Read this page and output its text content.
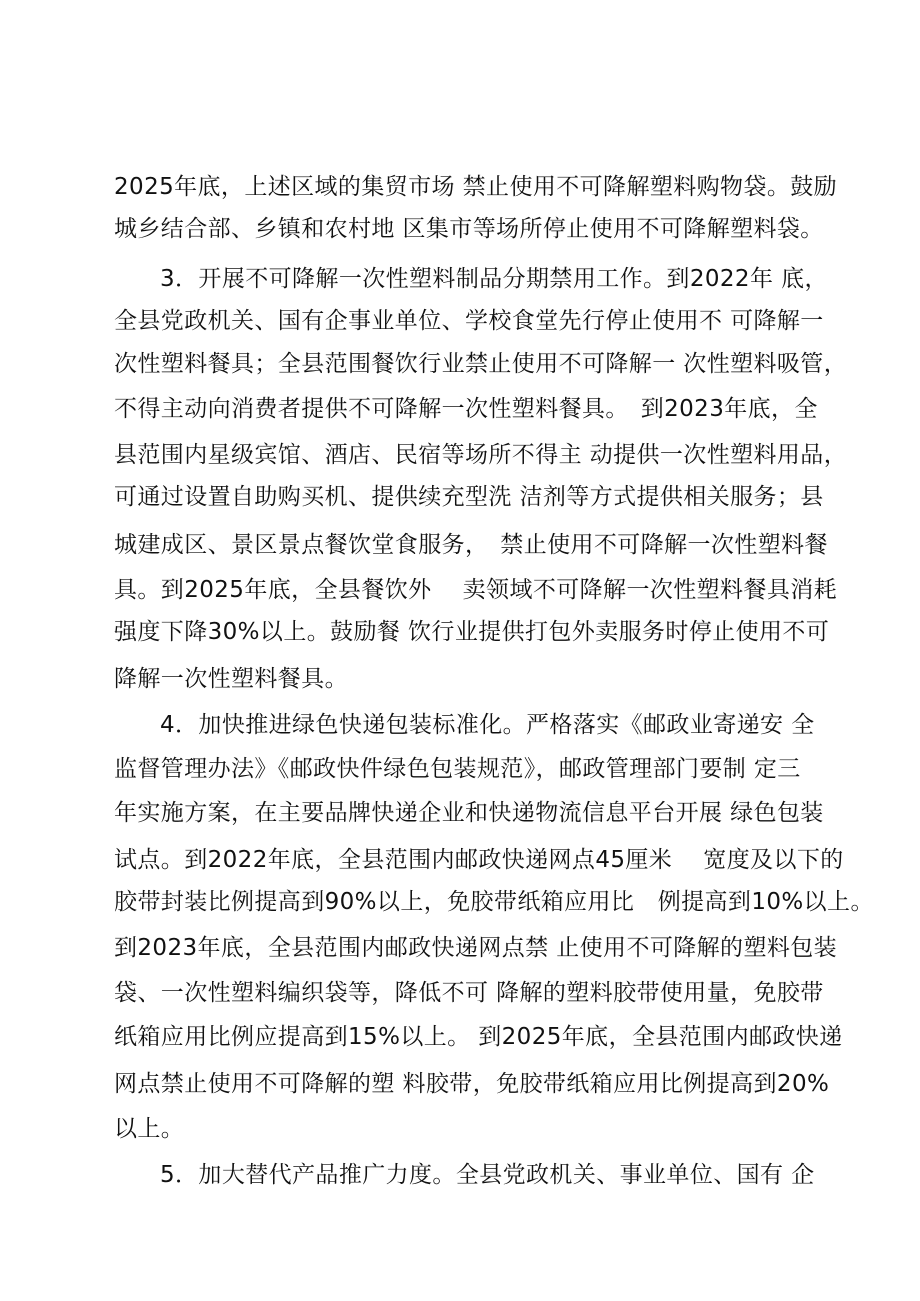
2025年底，上述区域的集贸市场 禁止使用不可降解塑料购物袋。鼓励
城乡结合部、乡镇和农村地 区集市等场所停止使用不可降解塑料袋。
3．开展不可降解一次性塑料制品分期禁用工作。到2022年 底，
全县党政机关、国有企事业单位、学校食堂先行停止使用不 可降解一
次性塑料餐具；全县范围餐饮行业禁止使用不可降解一 次性塑料吸管，
不得主动向消费者提供不可降解一次性塑料餐具。　到2023年底，全
县范围内星级宾馆、酒店、民宿等场所不得主 动提供一次性塑料用品，
可通过设置自助购买机、提供续充型洗 洁剂等方式提供相关服务；县
城建成区、景区景点餐饮堂食服务，　禁止使用不可降解一次性塑料餐
具。到2025年底，全县餐饮外　 卖领域不可降解一次性塑料餐具消耗
强度下降30%以上。鼓励餐 饮行业提供打包外卖服务时停止使用不可
降解一次性塑料餐具。
4．加快推进绿色快递包装标准化。严格落实《邮政业寄递安 全
监督管理办法》《邮政快件绿色包装规范》，邮政管理部门要制 定三
年实施方案，在主要品牌快递企业和快递物流信息平台开展 绿色包装
试点。到2022年底，全县范围内邮政快递网点45厘米　 宽度及以下的
胶带封装比例提高到90%以上，免胶带纸箱应用比　例提高到10%以上。
到2023年底，全县范围内邮政快递网点禁 止使用不可降解的塑料包装
袋、一次性塑料编织袋等，降低不可 降解的塑料胶带使用量，免胶带
纸箱应用比例应提高到15%以上。 到2025年底，全县范围内邮政快递
网点禁止使用不可降解的塑 料胶带，免胶带纸箱应用比例提高到20%
以上。
5．加大替代产品推广力度。全县党政机关、事业单位、国有 企
